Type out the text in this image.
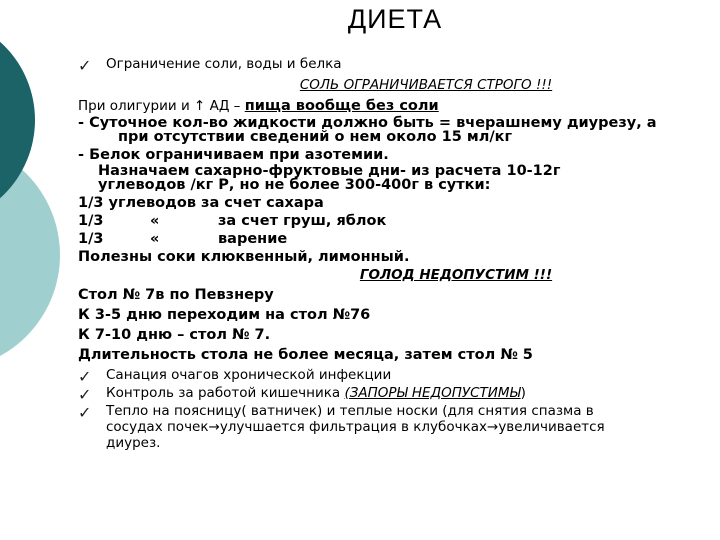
ДИЕТА
✓ Ограничение соли, воды и белка
СОЛЬ ОГРАНИЧИВАЕТСЯ СТРОГО !!!
При олигурии и ↑ АД – пища вообще без соли
- Суточное кол-во жидкости должно быть = вчерашнему диурезу, а
при отсутствии сведений о нем около 15 мл/кг
- Белок ограничиваем при азотемии.
Назначаем сахарно-фруктовые дни- из расчета 10-12г
углеводов /кг Р, но не более 300-400г в сутки:
1/3 углеводов за счет сахара
1/3	«	за счет груш, яблок
1/3	«	варение
Полезны соки клюквенный, лимонный.
ГОЛОД НЕДОПУСТИМ !!!
Стол № 7в по Певзнеру
К 3-5 дню переходим на стол №76
К 7-10 дню – стол № 7.
Длительность стола не более месяца, затем стол № 5
✓ Санация очагов хронической инфекции
✓ Контроль за работой кишечника (ЗАПОРЫ НЕДОПУСТИМЫ)
✓ Тепло на поясницу( ватничек) и теплые носки (для снятия спазма в
сосудах почек→улучшается фильтрация в клубочках→увеличивается
диурез.
